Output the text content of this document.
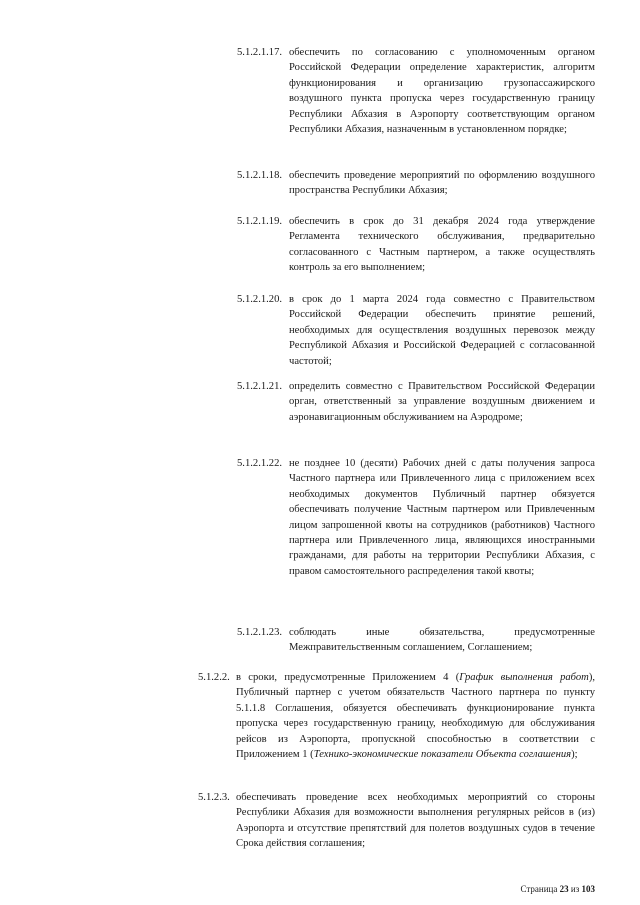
5.1.2.1.17. обеспечить по согласованию с уполномоченным органом Российской Федерации определение характеристик, алгоритм функционирования и организацию грузопассажирского воздушного пункта пропуска через государственную границу Республики Абхазия в Аэропорту соответствующим органом Республики Абхазия, назначенным в установленном порядке;
5.1.2.1.18. обеспечить проведение мероприятий по оформлению воздушного пространства Республики Абхазия;
5.1.2.1.19. обеспечить в срок до 31 декабря 2024 года утверждение Регламента технического обслуживания, предварительно согласованного с Частным партнером, а также осуществлять контроль за его выполнением;
5.1.2.1.20. в срок до 1 марта 2024 года совместно с Правительством Российской Федерации обеспечить принятие решений, необходимых для осуществления воздушных перевозок между Республикой Абхазия и Российской Федерацией с согласованной частотой;
5.1.2.1.21. определить совместно с Правительством Российской Федерации орган, ответственный за управление воздушным движением и аэронавигационным обслуживанием на Аэродроме;
5.1.2.1.22. не позднее 10 (десяти) Рабочих дней с даты получения запроса Частного партнера или Привлеченного лица с приложением всех необходимых документов Публичный партнер обязуется обеспечивать получение Частным партнером или Привлеченным лицом запрошенной квоты на сотрудников (работников) Частного партнера или Привлеченного лица, являющихся иностранными гражданами, для работы на территории Республики Абхазия, с правом самостоятельного распределения такой квоты;
5.1.2.1.23. соблюдать иные обязательства, предусмотренные Межправительственным соглашением, Соглашением;
5.1.2.2. в сроки, предусмотренные Приложением 4 (График выполнения работ), Публичный партнер с учетом обязательств Частного партнера по пункту 5.1.1.8 Соглашения, обязуется обеспечивать функционирование пункта пропуска через государственную границу, необходимую для обслуживания рейсов из Аэропорта, пропускной способностью в соответствии с Приложением 1 (Технико-экономические показатели Объекта соглашения);
5.1.2.3. обеспечивать проведение всех необходимых мероприятий со стороны Республики Абхазия для возможности выполнения регулярных рейсов в (из) Аэропорта и отсутствие препятствий для полетов воздушных судов в течение Срока действия соглашения;
Страница 23 из 103
